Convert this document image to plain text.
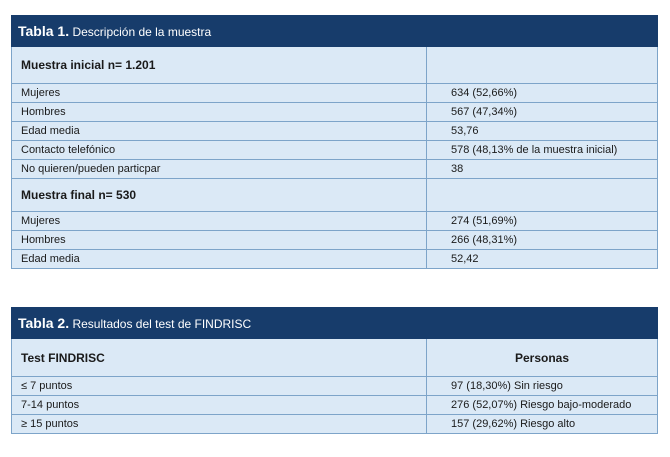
Tabla 1. Descripción de la muestra	
Muestra inicial n= 1.201	
Mujeres	634 (52,66%)
Hombres	567 (47,34%)
Edad media	53,76
Contacto telefónico	578 (48,13% de la muestra inicial)
No quieren/pueden particpar	38
Muestra final n= 530	
Mujeres	274 (51,69%)
Hombres	266 (48,31%)
Edad media	52,42
Tabla 2. Resultados del test de FINDRISC	
Test FINDRISC	Personas
≤ 7 puntos	97 (18,30%) Sin riesgo
7-14 puntos	276 (52,07%) Riesgo bajo-moderado
≥ 15 puntos	157 (29,62%) Riesgo alto
